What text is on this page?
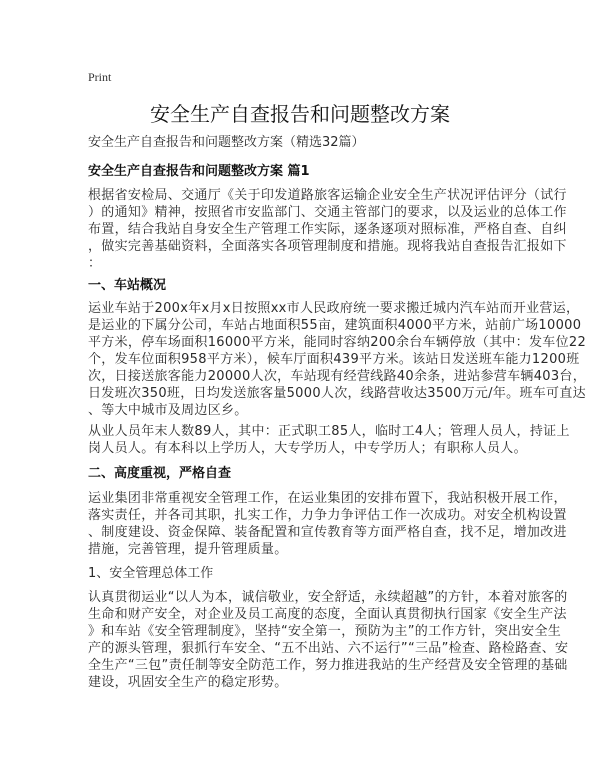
Print
安全生产自查报告和问题整改方案
安全生产自查报告和问题整改方案（精选32篇）
安全生产自查报告和问题整改方案 篇1
根据省安检局、交通厅《关于印发道路旅客运输企业安全生产状况评估评分（试行
）的通知》精神，按照省市安监部门、交通主管部门的要求，以及运业的总体工作
布置，结合我站自身安全生产管理工作实际，逐条逐项对照标准，严格自查、自纠
，做实完善基础资料，全面落实各项管理制度和措施。现将我站自查报告汇报如下
：
一、车站概况
运业车站于200x年x月x日按照xx市人民政府统一要求搬迁城内汽车站而开业营运，
是运业的下属分公司，车站占地面积55亩，建筑面积4000平方米，站前广场10000
平方米，停车场面积16000平方米，能同时容纳200余台车辆停放（其中：发车位22
个，发车位面积958平方米），候车厅面积439平方米。该站日发送班车能力1200班
次，日接送旅客能力20000人次，车站现有经营线路40余条，进站参营车辆403台，
日发班次350班，日均发送旅客量5000人次，线路营收达3500万元/年。班车可直达
、等大中城市及周边区乡。
从业人员年末人数89人，其中：正式职工85人，临时工4人；管理人员人，持证上
岗人员人。有本科以上学历人，大专学历人，中专学历人；有职称人员人。
二、高度重视，严格自查
运业集团非常重视安全管理工作，在运业集团的安排布置下，我站积极开展工作，
落实责任，并各司其职，扎实工作，力争力争评估工作一次成功。对安全机构设置
、制度建设、资金保障、装备配置和宣传教育等方面严格自查，找不足，增加改进
措施，完善管理，提升管理质量。
1、安全管理总体工作
认真贯彻运业“以人为本，诚信敬业，安全舒适，永续超越”的方针，本着对旅客的
生命和财产安全，对企业及员工高度的态度，全面认真贯彻执行国家《安全生产法
》和车站《安全管理制度》，坚持“安全第一，预防为主”的工作方针，突出安全生
产的源头管理，狠抓行车安全、“五不出站、六不运行”“三品”检查、路检路查、安
全生产“三包”责任制等安全防范工作，努力推进我站的生产经营及安全管理的基础
建设，巩固安全生产的稳定形势。
